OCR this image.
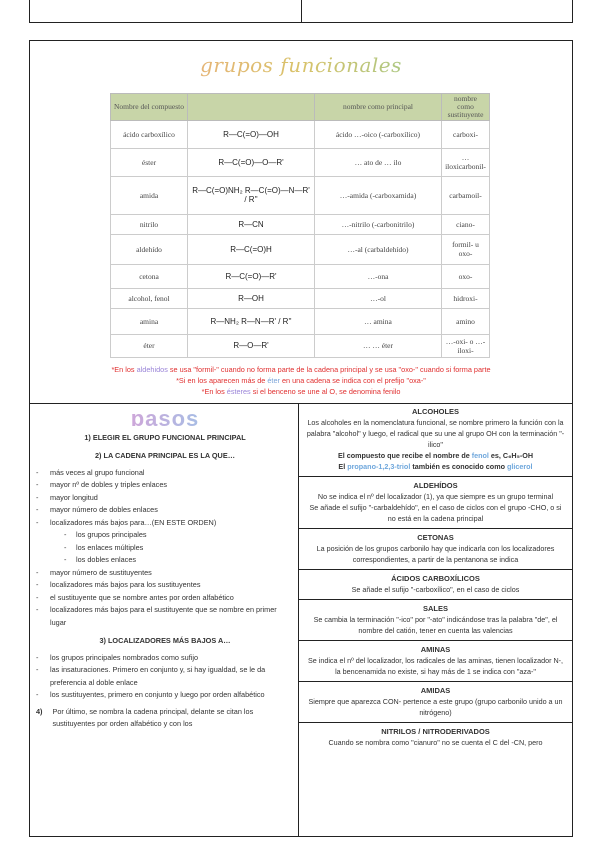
grupos funcionales
Nombre del compuesto		nombre como principal	nombre como sustituyente
ácido carboxílico	R—C(=O)—OH	ácido …-oico (-carboxílico)	carboxi-
éster	R—C(=O)—O—R'	… ato de … ilo	…iloxicarbonil-
amida	R—C(=O)NH₂ R—C(=O)—N—R' / R''	…-amida (-carboxamida)	carbamoil-
nitrilo	R—CN	…-nitrilo (-carbonitrilo)	ciano-
aldehído	R—C(=O)H	…-al (carbaldehído)	formil- u oxo-
cetona	R—C(=O)—R'	…-ona	oxo-
alcohol, fenol	R—OH	…-ol	hidroxi-
amina	R—NH₂ R—N—R' / R''	… amina	amino
éter	R—O—R'	… … éter	…-oxi- o …-iloxi-
*En los aldehidos se usa "formil-" cuando no forma parte de la cadena principal y se usa "oxo-" cuando si forma parte
*Si en los aparecen más de éter en una cadena se indica con el prefijo "oxa-"
*En los ésteres si el benceno se une al O, se denomina fenilo
pasos
1) ELEGIR EL GRUPO FUNCIONAL PRINCIPAL
2) LA CADENA PRINCIPAL ES LA QUE…
- más veces al grupo funcional
- mayor nº de dobles y triples enlaces
- mayor longitud
- mayor número de dobles enlaces
- localizadores más bajos para…(EN ESTE ORDEN)
- los grupos principales
- los enlaces múltiples
- los dobles enlaces
- mayor número de sustituyentes
- localizadores más bajos para los sustituyentes
- el sustituyente que se nombre antes por orden alfabético
- localizadores más bajos para el sustituyente que se nombre en primer lugar
3) LOCALIZADORES MÁS BAJOS A…
- los grupos principales nombrados como sufijo
- las insaturaciones. Primero en conjunto y, si hay igualdad, se le da preferencia al doble enlace
- los sustituyentes, primero en conjunto y luego por orden alfabético
4) Por último, se nombra la cadena principal, delante se citan los sustituyentes por orden alfabético y con los
ALCOHOLES
Los alcoholes en la nomenclatura funcional, se nombre primero la función con la palabra "alcohol" y luego, el radical que su une al grupo OH con la terminación "-ilico"
El compuesto que recibe el nombre de fenol es, C₆H₅-OH
El propano-1,2,3-triol también es conocido como glicerol
ALDEHÍDOS
No se indica el nº del localizador (1), ya que siempre es un grupo terminal
Se añade el sufijo "-carbaldehído", en el caso de ciclos con el grupo -CHO, o si no está en la cadena principal
CETONAS
La posición de los grupos carbonilo hay que indicarla con los localizadores correspondientes, a partir de la pentanona se indica
ÁCIDOS CARBOXÍLICOS
Se añade el sufijo "-carboxílico", en el caso de ciclos
SALES
Se cambia la terminación "-ico" por "-ato" indicándose tras la palabra "de", el nombre del catión, tener en cuenta las valencias
AMINAS
Se indica el nº del localizador, los radicales de las aminas, tienen localizador N-, la bencenamida no existe, si hay más de 1 se indica con "aza-"
AMIDAS
Siempre que aparezca CON- pertence a este grupo (grupo carbonilo unido a un nitrógeno)
NITRILOS / NITRODERIVADOS
Cuando se nombra como "cianuro" no se cuenta el C del -CN, pero
